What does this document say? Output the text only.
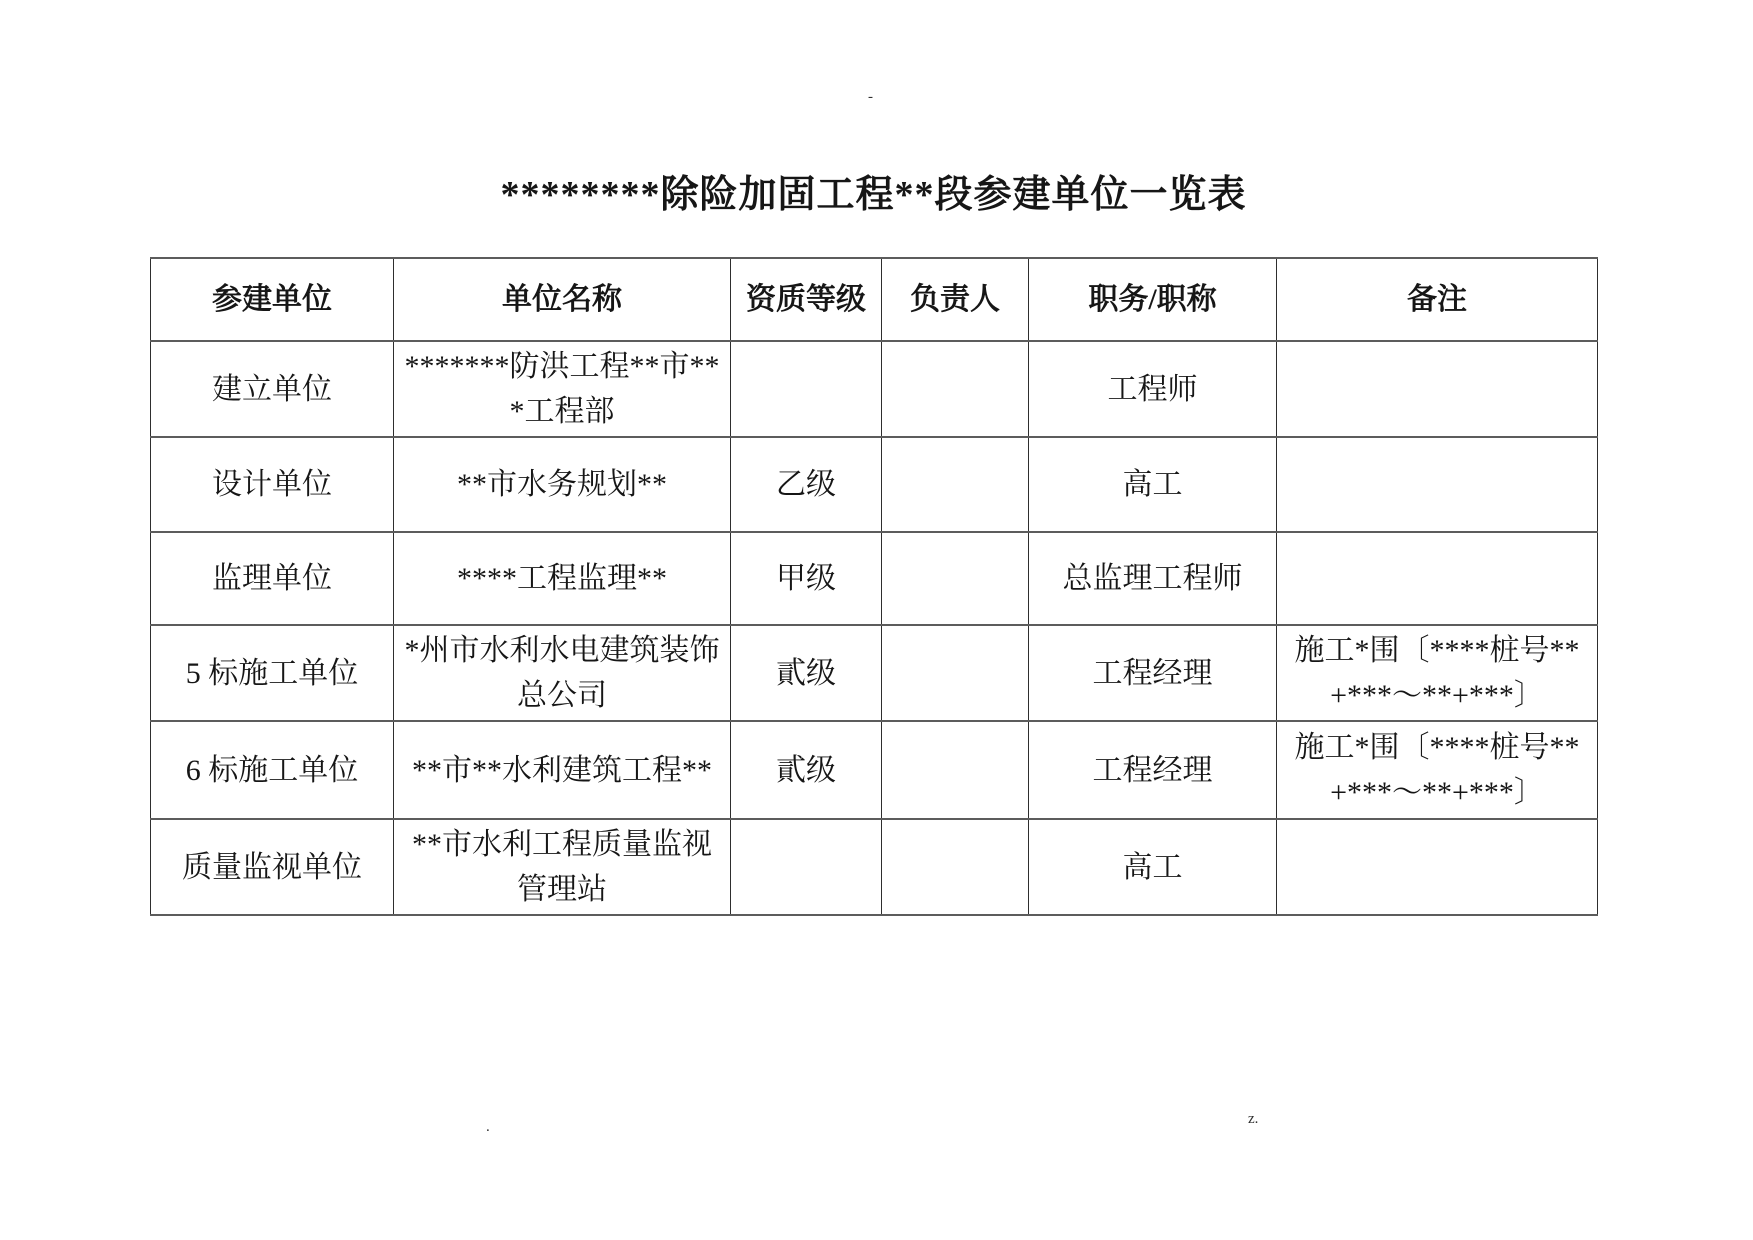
-
********除险加固工程**段参建单位一览表
参建单位	单位名称	资质等级	负责人	职务/职称	备注
建立单位	*******防洪工程**市***工程部			工程师	
设计单位	**市水务规划**	乙级		高工	
监理单位	****工程监理**	甲级		总监理工程师	
5 标施工单位	*州市水利水电建筑装饰总公司	貳级		工程经理	施工*围〔****桩号**+***～**+***〕
6 标施工单位	**市**水利建筑工程**	貳级		工程经理	施工*围〔****桩号**+***～**+***〕
质量监视单位	**市水利工程质量监视管理站			高工	
.	z.
